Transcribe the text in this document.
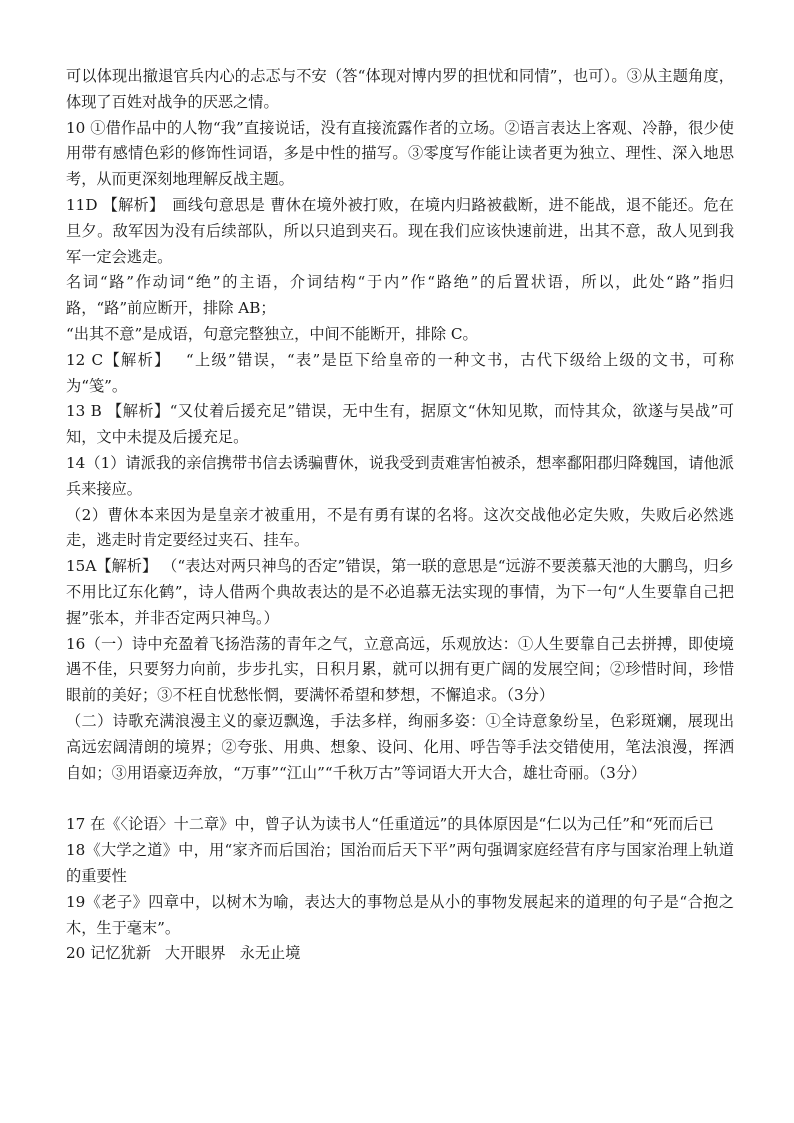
可以体现出撤退官兵内心的忐忑与不安（答“体现对博内罗的担忧和同情”，也可）。③从主题角度，体现了百姓对战争的厌恶之情。

10 ①借作品中的人物“我”直接说话，没有直接流露作者的立场。②语言表达上客观、冷静，很少使用带有感情色彩的修饰性词语，多是中性的描写。③零度写作能让读者更为独立、理性、深入地思考，从而更深刻地理解反战主题。

11D 【解析】　画线句意思是 曹休在境外被打败，在境内归路被截断，进不能战，退不能还。危在旦夕。敌军因为没有后续部队，所以只追到夹石。现在我们应该快速前进，出其不意，敌人见到我军一定会逃走。

名词“路”作动词“绝”的主语，介词结构“于内”作“路绝”的后置状语，所以，此处“路”指归路，“路”前应断开，排除 AB；

“出其不意”是成语，句意完整独立，中间不能断开，排除 C。

12 C【解析】　 “上级”错误，“表”是臣下给皇帝的一种文书，古代下级给上级的文书，可称为“笺”。

13 B 【解析】“又仗着后援充足”错误，无中生有，据原文“休知见欺，而恃其众，欲遂与吴战”可知，文中未提及后援充足。

14（1）请派我的亲信携带书信去诱骗曹休，说我受到责难害怕被杀，想率鄱阳郡归降魏国，请他派兵来接应。

（2）曹休本来因为是皇亲才被重用，不是有勇有谋的名将。这次交战他必定失败，失败后必然逃走，逃走时肯定要经过夹石、挂车。

15A【解析】 （“表达对两只神鸟的否定”错误，第一联的意思是“远游不要羡慕天池的大鹏鸟，归乡不用比辽东化鹤”，诗人借两个典故表达的是不必追慕无法实现的事情，为下一句“人生要靠自己把握”张本，并非否定两只神鸟。）

16（一）诗中充盈着飞扬浩荡的青年之气，立意高远，乐观放达：①人生要靠自己去拼搏，即使境遇不佳，只要努力向前，步步扎实，日积月累，就可以拥有更广阔的发展空间；②珍惜时间，珍惜眼前的美好；③不枉自忧愁怅惘，要满怀希望和梦想，不懈追求。（3分）

（二）诗歌充满浪漫主义的豪迈飘逸，手法多样，绚丽多姿：①全诗意象纷呈，色彩斑斓，展现出高远宏阔清朗的境界；②夸张、用典、想象、设问、化用、呼告等手法交错使用，笔法浪漫，挥洒自如；③用语豪迈奔放，“万事”“江山”“千秋万古”等词语大开大合，雄壮奇丽。（3分）

17 在《〈论语〉十二章》中，曾子认为读书人“任重道远”的具体原因是“仁以为己任”和“死而后已

18《大学之道》中，用“家齐而后国治；国治而后天下平”两句强调家庭经营有序与国家治理上轨道的重要性

19《老子》四章中，以树木为喻，表达大的事物总是从小的事物发展起来的道理的句子是“合抱之木，生于毫末”。

20 记忆犹新 大开眼界 永无止境
